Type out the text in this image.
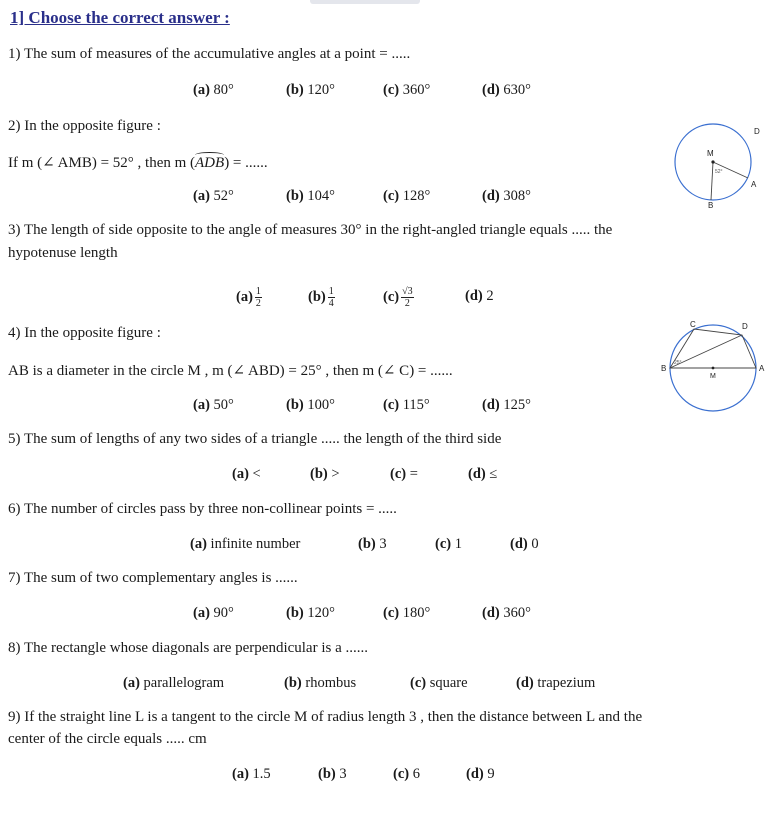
1] Choose the correct answer :
1) The sum of measures of the accumulative angles at a point = .....
(a) 80°	(b) 120°	(c) 360°	(d) 630°
2) In the opposite figure :
If m (∠ AMB) = 52° , then m (ADB) = ......
(a) 52°	(b) 104°	(c) 128°	(d) 308°
M
D
A
B
52°
3) The length of side opposite to the angle of measures 30° in the right-angled triangle equals ..... the
hypotenuse length
$(a) \frac{1}{2}$	$(b) \frac{1}{4}$	$(c) \frac{√3}{2}$	(d) 2
4) In the opposite figure :
AB is a diameter in the circle M , m (∠ ABD) = 25° , then m (∠ C) = ......
(a) 50°	(b) 100°	(c) 115°	(d) 125°
C	D
B	A
M
25°
5) The sum of lengths of any two sides of a triangle ..... the length of the third side
(a) <	(b) >	(c) =	(d) ≤
6) The number of circles pass by three non-collinear points = .....
(a) infinite number	(b) 3	(c) 1	(d) 0
7) The sum of two complementary angles is ......
(a) 90°	(b) 120°	(c) 180°	(d) 360°
8) The rectangle whose diagonals are perpendicular is a ......
(a) parallelogram	(b) rhombus	(c) square	(d) trapezium
9) If the straight line L is a tangent to the circle M of radius length 3 , then the distance between L and the
center of the circle equals ..... cm
(a) 1.5	(b) 3	(c) 6	(d) 9
